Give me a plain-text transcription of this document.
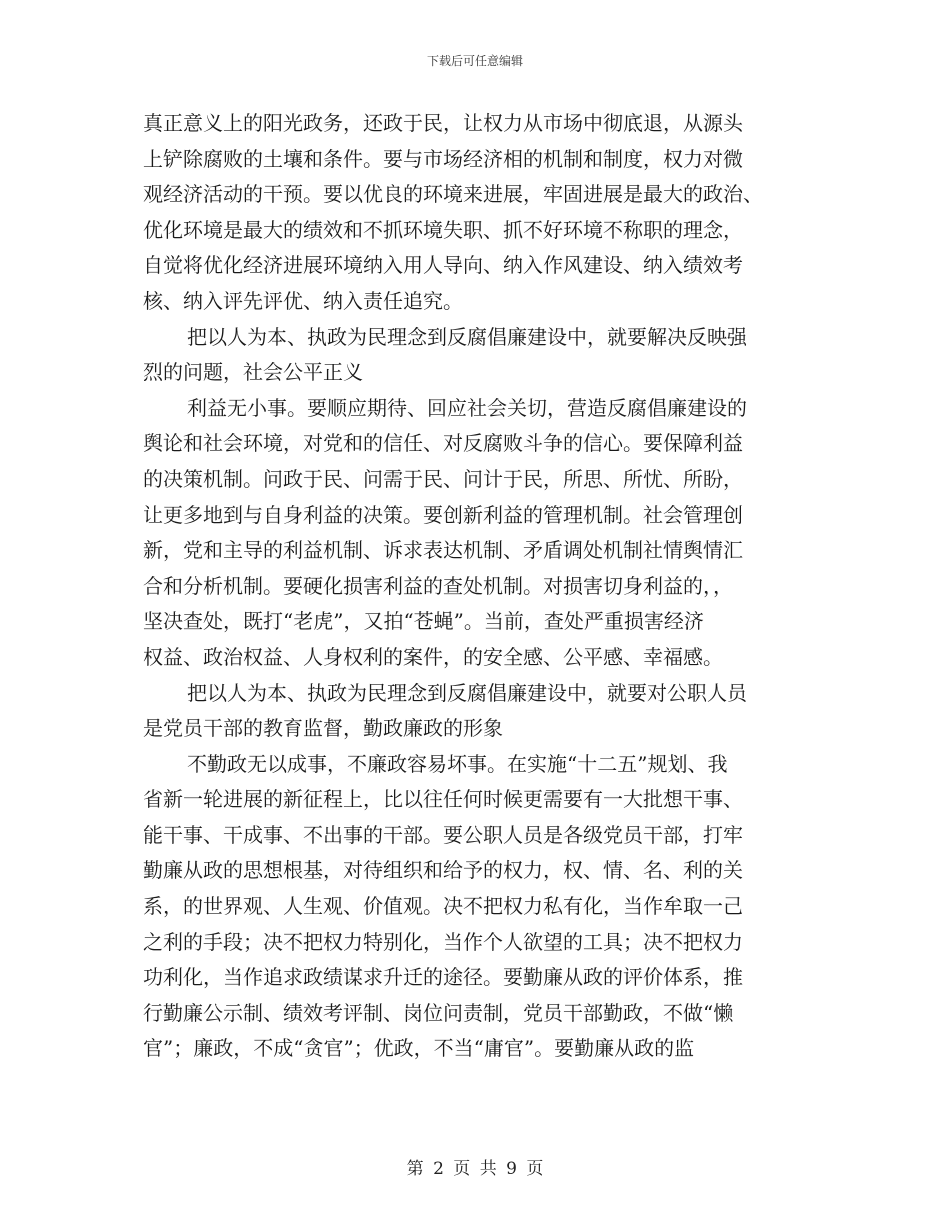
下载后可任意编辑

真正意义上的阳光政务，还政于民，让权力从市场中彻底退，从源头

上铲除腐败的土壤和条件。要与市场经济相的机制和制度，权力对微

观经济活动的干预。要以优良的环境来进展，牢固进展是最大的政治、

优化环境是最大的绩效和不抓环境失职、抓不好环境不称职的理念，

自觉将优化经济进展环境纳入用人导向、纳入作风建设、纳入绩效考

核、纳入评先评优、纳入责任追究。

把以人为本、执政为民理念到反腐倡廉建设中，就要解决反映强

烈的问题，社会公平正义

利益无小事。要顺应期待、回应社会关切，营造反腐倡廉建设的

舆论和社会环境，对党和的信任、对反腐败斗争的信心。要保障利益

的决策机制。问政于民、问需于民、问计于民，所思、所忧、所盼，

让更多地到与自身利益的决策。要创新利益的管理机制。社会管理创

新，党和主导的利益机制、诉求表达机制、矛盾调处机制社情舆情汇

合和分析机制。要硬化损害利益的查处机制。对损害切身利益的，，

坚决查处，既打“老虎”，又拍“苍蝇”。当前，查处严重损害经济

权益、政治权益、人身权利的案件，的安全感、公平感、幸福感。

把以人为本、执政为民理念到反腐倡廉建设中，就要对公职人员

是党员干部的教育监督，勤政廉政的形象

不勤政无以成事，不廉政容易坏事。在实施“十二五”规划、我

省新一轮进展的新征程上，比以往任何时候更需要有一大批想干事、

能干事、干成事、不出事的干部。要公职人员是各级党员干部，打牢

勤廉从政的思想根基，对待组织和给予的权力，权、情、名、利的关

系，的世界观、人生观、价值观。决不把权力私有化，当作牟取一己

之利的手段；决不把权力特别化，当作个人欲望的工具；决不把权力

功利化，当作追求政绩谋求升迁的途径。要勤廉从政的评价体系，推

行勤廉公示制、绩效考评制、岗位问责制，党员干部勤政，不做“懒

官”；廉政，不成“贪官”；优政，不当“庸官”。要勤廉从政的监

第 2 页 共 9 页
